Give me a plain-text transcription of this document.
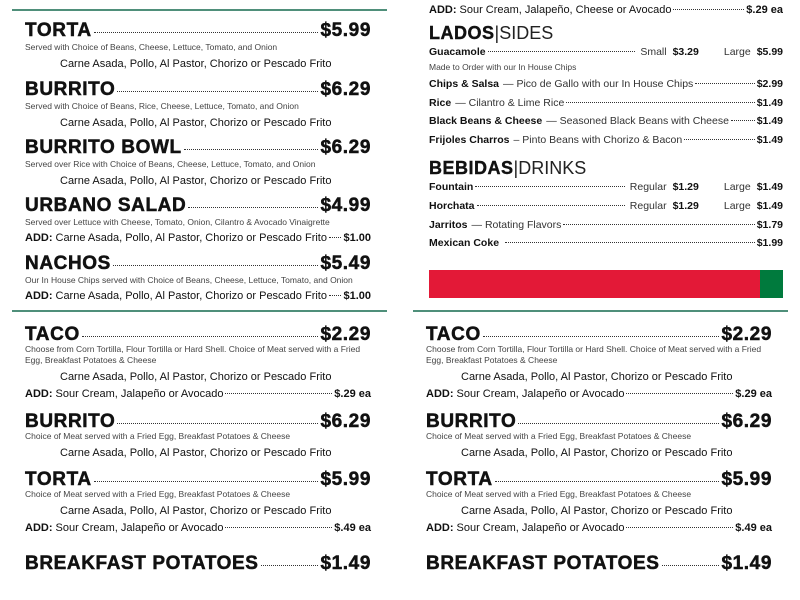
TORTA	$5.99
Served with Choice of Beans, Cheese, Lettuce, Tomato, and Onion
Carne Asada, Pollo, Al Pastor, Chorizo or Pescado Frito
BURRITO	$6.29
Served with Choice of Beans, Rice, Cheese, Lettuce, Tomato, and Onion
Carne Asada, Pollo, Al Pastor, Chorizo or Pescado Frito
BURRITO BOWL	$6.29
Served over Rice with Choice of Beans, Cheese, Lettuce, Tomato, and Onion
Carne Asada, Pollo, Al Pastor, Chorizo or Pescado Frito
URBANO SALAD	$4.99
Served over Lettuce with Cheese, Tomato, Onion, Cilantro & Avocado Vinaigrette
ADD: Carne Asada, Pollo, Al Pastor, Chorizo or Pescado Frito $1.00
NACHOS	$5.49
Our In House Chips served with Choice of Beans, Cheese, Lettuce, Tomato, and Onion
ADD: Carne Asada, Pollo, Al Pastor, Chorizo or Pescado Frito $1.00
ADD: Sour Cream, Jalapeño, Cheese or Avocado	$.29 ea
LADOS | SIDES
Guacamole	Small $3.29 Large $5.99
Made to Order with our In House Chips
Chips & Salsa — Pico de Gallo with our In House Chips	$2.99
Rice — Cilantro & Lime Rice	$1.49
Black Beans & Cheese — Seasoned Black Beans with Cheese	$1.49
Frijoles Charros – Pinto Beans with Chorizo & Bacon	$1.49
BEBIDAS | DRINKS
Fountain	Regular $1.29 Large $1.49
Horchata	Regular $1.29 Large $1.49
Jarritos — Rotating Flavors	$1.79
Mexican Coke	$1.99
TACO	$2.29
Choose from Corn Tortilla, Flour Tortilla or Hard Shell. Choice of Meat served with a Fried
Egg, Breakfast Potatoes & Cheese
Carne Asada, Pollo, Al Pastor, Chorizo or Pescado Frito
ADD: Sour Cream, Jalapeño or Avocado	$.29 ea
BURRITO	$6.29
Choice of Meat served with a Fried Egg, Breakfast Potatoes & Cheese
Carne Asada, Pollo, Al Pastor, Chorizo or Pescado Frito
TORTA	$5.99
Choice of Meat served with a Fried Egg, Breakfast Potatoes & Cheese
Carne Asada, Pollo, Al Pastor, Chorizo or Pescado Frito
ADD: Sour Cream, Jalapeño or Avocado	$.49 ea
BREAKFAST POTATOES	$1.49
TACO	$2.29
Choose from Corn Tortilla, Flour Tortilla or Hard Shell. Choice of Meat served with a Fried
Egg, Breakfast Potatoes & Cheese
Carne Asada, Pollo, Al Pastor, Chorizo or Pescado Frito
ADD: Sour Cream, Jalapeño or Avocado	$.29 ea
BURRITO	$6.29
Choice of Meat served with a Fried Egg, Breakfast Potatoes & Cheese
Carne Asada, Pollo, Al Pastor, Chorizo or Pescado Frito
TORTA	$5.99
Choice of Meat served with a Fried Egg, Breakfast Potatoes & Cheese
Carne Asada, Pollo, Al Pastor, Chorizo or Pescado Frito
ADD: Sour Cream, Jalapeño or Avocado	$.49 ea
BREAKFAST POTATOES	$1.49
